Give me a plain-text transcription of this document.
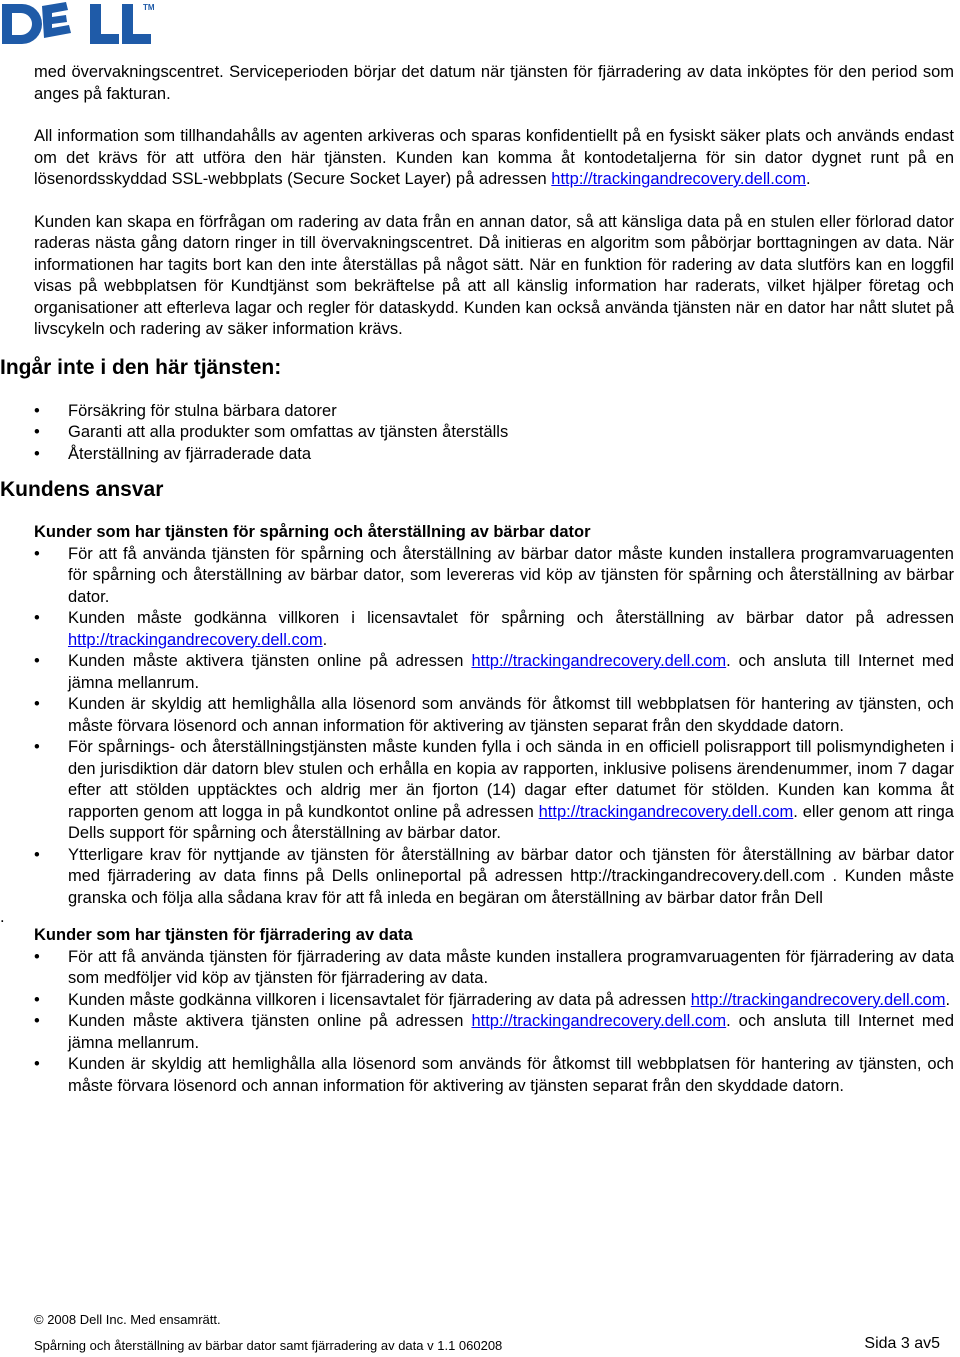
TM

med övervakningscentret. Serviceperioden börjar det datum när tjänsten för fjärradering av data inköptes för den period som anges på fakturan.

All information som tillhandahålls av agenten arkiveras och sparas konfidentiellt på en fysiskt säker plats och används endast om det krävs för att utföra den här tjänsten. Kunden kan komma åt kontodetaljerna för sin dator dygnet runt på en lösenordsskyddad SSL-webbplats (Secure Socket Layer) på adressen http://trackingandrecovery.dell.com.

Kunden kan skapa en förfrågan om radering av data från en annan dator, så att känsliga data på en stulen eller förlorad dator raderas nästa gång datorn ringer in till övervakningscentret. Då initieras en algoritm som påbörjar borttagningen av data. När informationen har tagits bort kan den inte återställas på något sätt. När en funktion för radering av data slutförs kan en loggfil visas på webbplatsen för Kundtjänst som bekräftelse på att all känslig information har raderats, vilket hjälper företag och organisationer att efterleva lagar och regler för dataskydd. Kunden kan också använda tjänsten när en dator har nått slutet på livscykeln och radering av säker information krävs.

Ingår inte i den här tjänsten:
•	Försäkring för stulna bärbara datorer
•	Garanti att alla produkter som omfattas av tjänsten återställs
•	Återställning av fjärraderade data
Kundens ansvar

Kunder som har tjänsten för spårning och återställning av bärbar dator

•	För att få använda tjänsten för spårning och återställning av bärbar dator måste kunden installera programvaruagenten för spårning och återställning av bärbar dator, som levereras vid köp av tjänsten för spårning och återställning av bärbar dator.
•	Kunden måste godkänna villkoren i licensavtalet för spårning och återställning av bärbar dator på adressen http://trackingandrecovery.dell.com.
•	Kunden måste aktivera tjänsten online på adressen http://trackingandrecovery.dell.com. och ansluta till Internet med jämna mellanrum.
•	Kunden är skyldig att hemlighålla alla lösenord som används för åtkomst till webbplatsen för hantering av tjänsten, och måste förvara lösenord och annan information för aktivering av tjänsten separat från den skyddade datorn.
•	För spårnings- och återställningstjänsten måste kunden fylla i och sända in en officiell polisrapport till polismyndigheten i den jurisdiktion där datorn blev stulen och erhålla en kopia av rapporten, inklusive polisens ärendenummer, inom 7 dagar efter att stölden upptäcktes och aldrig mer än fjorton (14) dagar efter datumet för stölden. Kunden kan komma åt rapporten genom att logga in på kundkontot online på adressen http://trackingandrecovery.dell.com. eller genom att ringa Dells support för spårning och återställning av bärbar dator.
•	Ytterligare krav för nyttjande av tjänsten för återställning av bärbar dator och tjänsten för återställning av bärbar dator med fjärradering av data finns på Dells onlineportal på adressen http://trackingandrecovery.dell.com . Kunden måste granska och följa alla sådana krav för att få inleda en begäran om återställning av bärbar dator från Dell

.

Kunder som har tjänsten för fjärradering av data

•	För att få använda tjänsten för fjärradering av data måste kunden installera programvaruagenten för fjärradering av data som medföljer vid köp av tjänsten för fjärradering av data.
•	Kunden måste godkänna villkoren i licensavtalet för fjärradering av data på adressen http://trackingandrecovery.dell.com.
•	Kunden måste aktivera tjänsten online på adressen http://trackingandrecovery.dell.com. och ansluta till Internet med jämna mellanrum.
•	Kunden är skyldig att hemlighålla alla lösenord som används för åtkomst till webbplatsen för hantering av tjänsten, och måste förvara lösenord och annan information för aktivering av tjänsten separat från den skyddade datorn.
© 2008 Dell Inc. Med ensamrätt.
Spårning och återställning av bärbar dator samt fjärradering av data v 1.1 060208	Sida 3 av5
